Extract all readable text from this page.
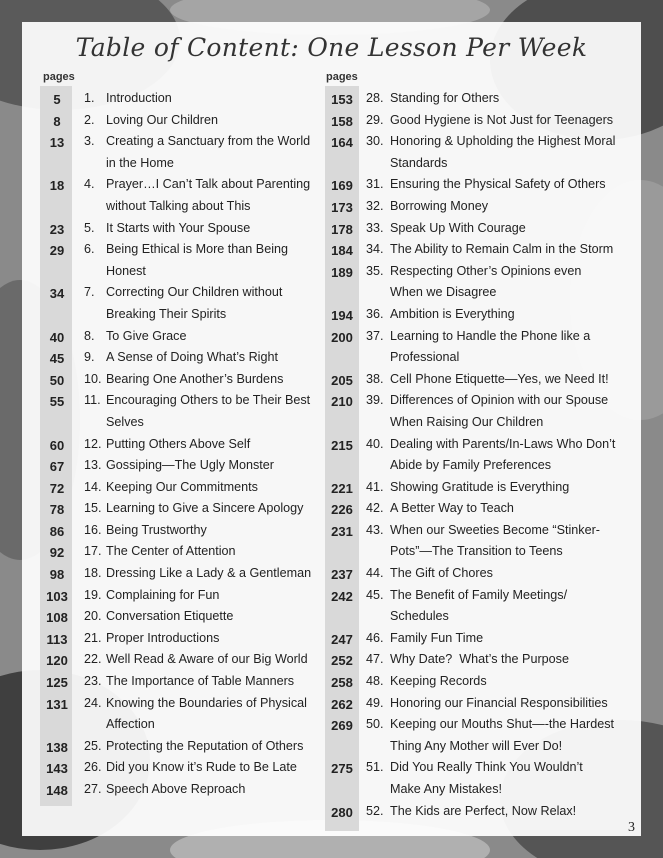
Table of Content: One Lesson Per Week
pages	pages
5	1. Introduction
8	2. Loving Our Children
13	3. Creating a Sanctuary from the World
in the Home
18	4. Prayer…I Can’t Talk about Parenting
without Talking about This
23	5. It Starts with Your Spouse
29	6. Being Ethical is More than Being
Honest
34	7. Correcting Our Children without
Breaking Their Spirits
40	8. To Give Grace
45	9. A Sense of Doing What’s Right
50	10. Bearing One Another’s Burdens
55	11. Encouraging Others to be Their Best
Selves
60	12. Putting Others Above Self
67	13. Gossiping—The Ugly Monster
72	14. Keeping Our Commitments
78	15. Learning to Give a Sincere Apology
86	16. Being Trustworthy
92	17. The Center of Attention
98	18. Dressing Like a Lady & a Gentleman
103	19. Complaining for Fun
108	20. Conversation Etiquette
113	21. Proper Introductions
120	22. Well Read & Aware of our Big World
125	23. The Importance of Table Manners
131	24. Knowing the Boundaries of Physical
Affection
138	25. Protecting the Reputation of Others
143	26. Did you Know it’s Rude to Be Late
148	27. Speech Above Reproach
153	28. Standing for Others
158	29. Good Hygiene is Not Just for Teenagers
164	30. Honoring & Upholding the Highest Moral
Standards
169	31. Ensuring the Physical Safety of Others
173	32. Borrowing Money
178	33. Speak Up With Courage
184	34. The Ability to Remain Calm in the Storm
189	35. Respecting Other’s Opinions even
When we Disagree
194	36. Ambition is Everything
200	37. Learning to Handle the Phone like a
Professional
205	38. Cell Phone Etiquette—Yes, we Need It!
210	39. Differences of Opinion with our Spouse
When Raising Our Children
215	40. Dealing with Parents/In-Laws Who Don’t
Abide by Family Preferences
221	41. Showing Gratitude is Everything
226	42. A Better Way to Teach
231	43. When our Sweeties Become “Stinker-
Pots”—The Transition to Teens
237	44. The Gift of Chores
242	45. The Benefit of Family Meetings/
Schedules
247	46. Family Fun Time
252	47. Why Date?  What’s the Purpose
258	48. Keeping Records
262	49. Honoring our Financial Responsibilities
269	50. Keeping our Mouths Shut—-the Hardest
Thing Any Mother will Ever Do!
275	51. Did You Really Think You Wouldn’t
Make Any Mistakes!
280	52. The Kids are Perfect, Now Relax!
3
